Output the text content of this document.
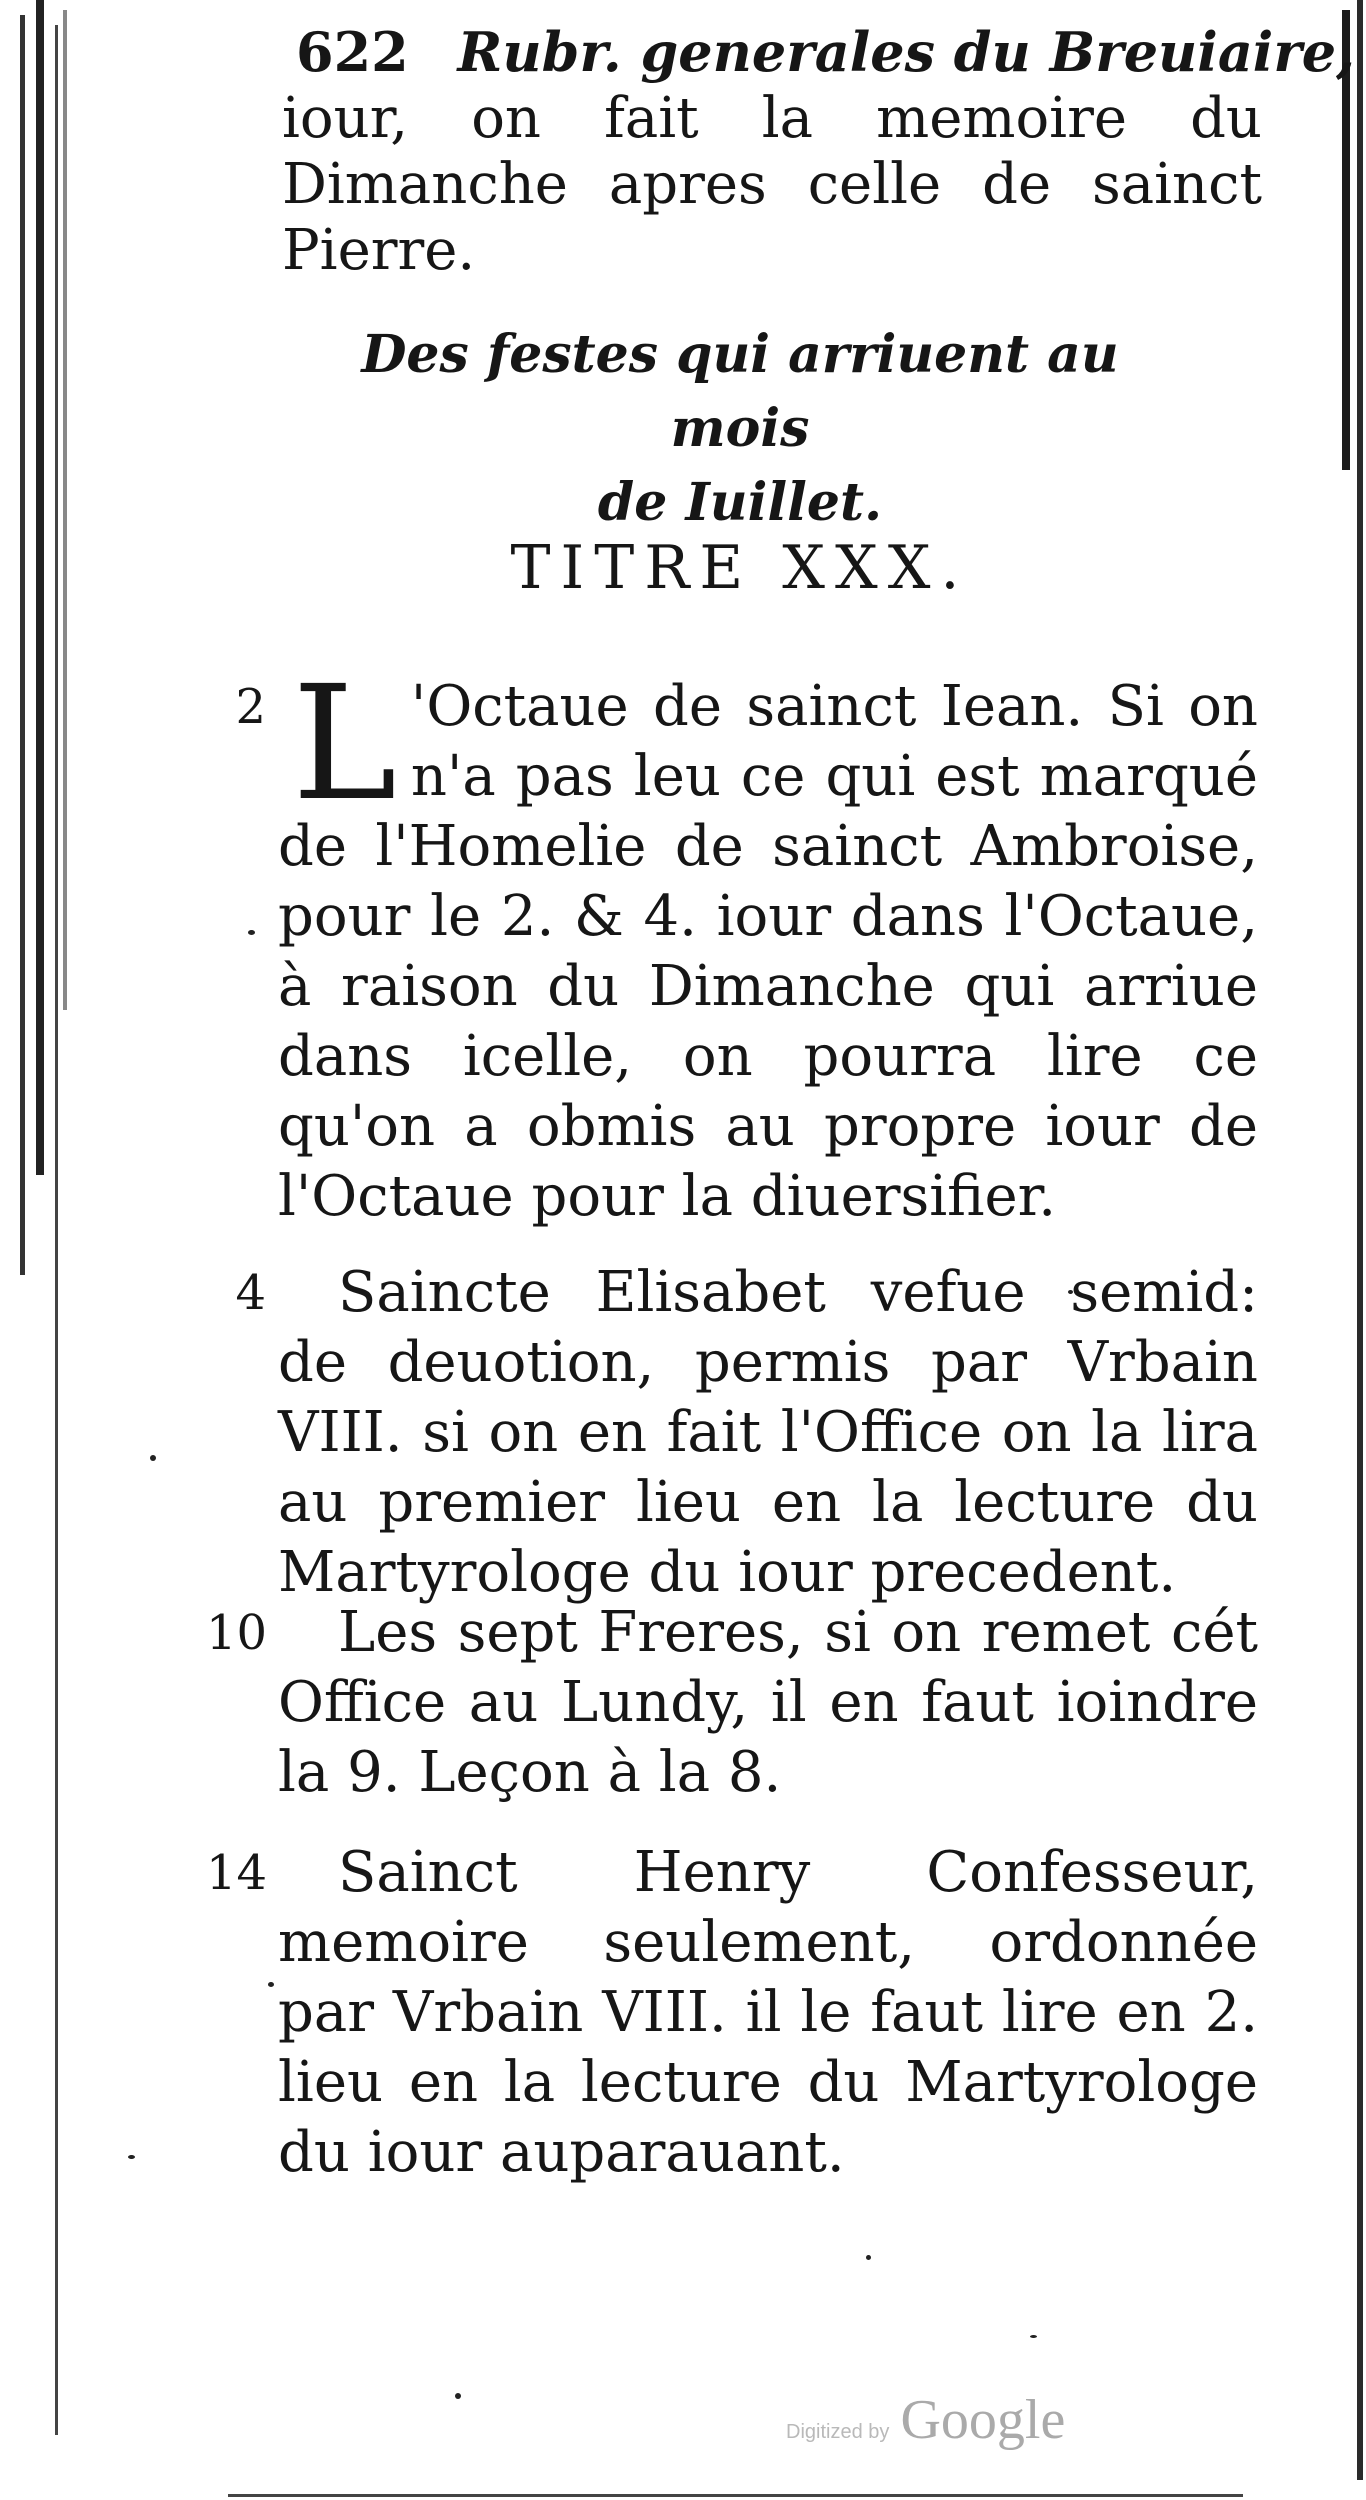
622 Rubr. generales du Breuiaire,
iour, on fait la memoire du Dimanche apres celle de sainct Pierre.
Des festes qui arriuent au mois
de Iuillet.
TITRE XXX.
2 L 'Octaue de sainct Iean. Si on n'a pas leu ce qui est marqué de l'Homelie de sainct Ambroise, pour le 2. & 4. iour dans l'Octaue, à raison du Dimanche qui arriue dans icelle, on pourra lire ce qu'on a obmis au propre iour de l'Octaue pour la diuersifier.
4	Saincte Elisabet vefue semid: de deuotion, permis par Vrbain VIII. si on en fait l'Office on la lira au premier lieu en la lecture du Martyrologe du iour precedent.
10	Les sept Freres, si on remet cét Office au Lundy, il en faut ioindre la 9. Leçon à la 8.
14	Sainct Henry Confesseur, memoire seulement, ordonnée par Vrbain VIII. il le faut lire en 2. lieu en la lecture du Martyrologe du iour auparauant.
Digitized by Google
